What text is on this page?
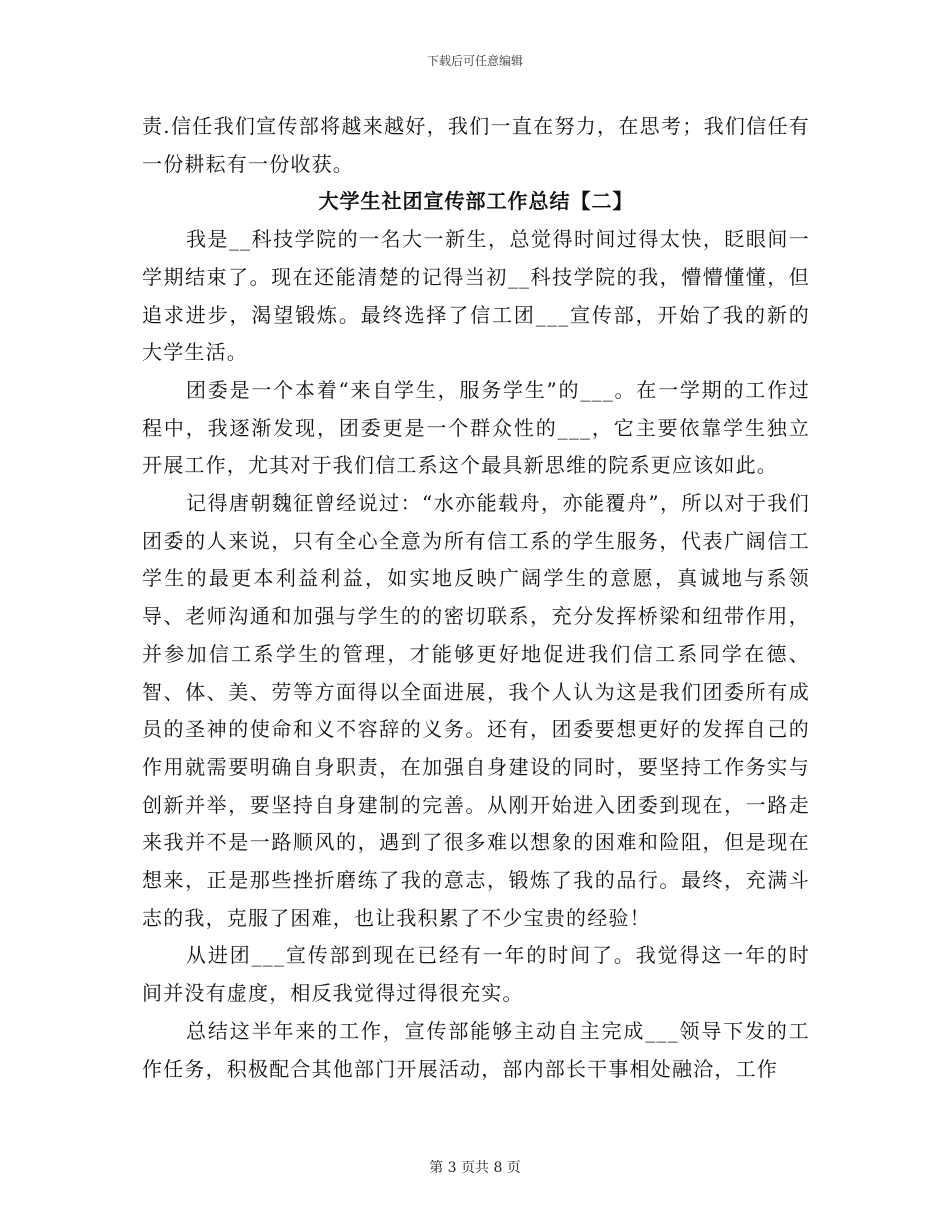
下载后可任意编辑

责.信任我们宣传部将越来越好，我们一直在努力，在思考；我们信任有一份耕耘有一份收获。

大学生社团宣传部工作总结【二】

我是__科技学院的一名大一新生，总觉得时间过得太快，眨眼间一学期结束了。现在还能清楚的记得当初__科技学院的我，懵懵懂懂，但追求进步，渴望锻炼。最终选择了信工团___宣传部，开始了我的新的大学生活。

团委是一个本着“来自学生，服务学生”的___。在一学期的工作过程中，我逐渐发现，团委更是一个群众性的___，它主要依靠学生独立开展工作，尤其对于我们信工系这个最具新思维的院系更应该如此。

记得唐朝魏征曾经说过：“水亦能载舟，亦能覆舟”，所以对于我们团委的人来说，只有全心全意为所有信工系的学生服务，代表广阔信工学生的最更本利益利益，如实地反映广阔学生的意愿，真诚地与系领导、老师沟通和加强与学生的的密切联系，充分发挥桥梁和纽带作用，并参加信工系学生的管理，才能够更好地促进我们信工系同学在德、智、体、美、劳等方面得以全面进展，我个人认为这是我们团委所有成员的圣神的使命和义不容辞的义务。还有，团委要想更好的发挥自己的作用就需要明确自身职责，在加强自身建设的同时，要坚持工作务实与创新并举，要坚持自身建制的完善。从刚开始进入团委到现在，一路走来我并不是一路顺风的，遇到了很多难以想象的困难和险阻，但是现在想来，正是那些挫折磨练了我的意志，锻炼了我的品行。最终，充满斗志的我，克服了困难，也让我积累了不少宝贵的经验！

从进团___宣传部到现在已经有一年的时间了。我觉得这一年的时间并没有虚度，相反我觉得过得很充实。

总结这半年来的工作，宣传部能够主动自主完成___领导下发的工作任务，积极配合其他部门开展活动，部内部长干事相处融洽，工作

第 3 页共 8 页
